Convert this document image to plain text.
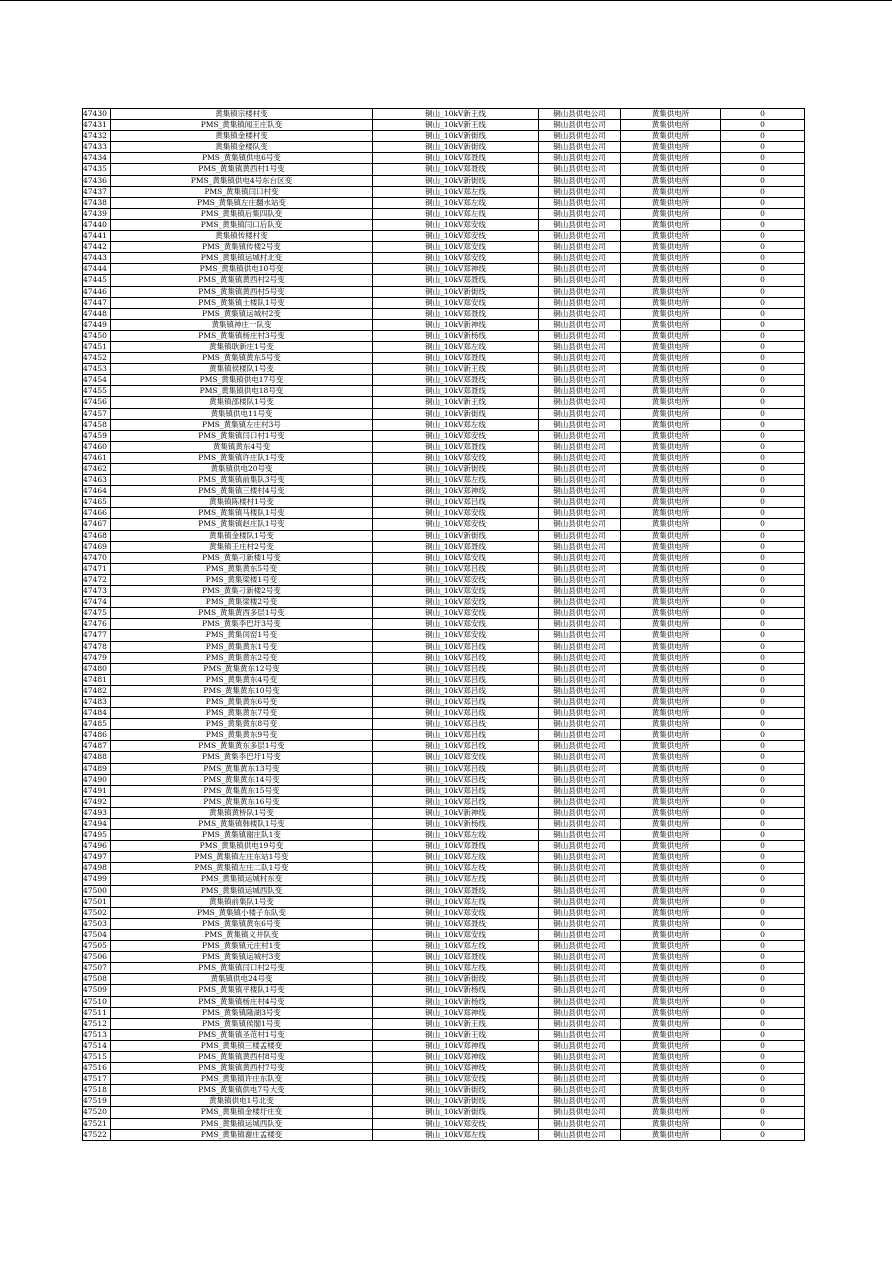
47430	黄集镇宗楼村变	铜山_10kV新王线	铜山县供电公司	黄集供电所	0
47431	PMS_黄集镇闻王庄队变	铜山_10kV新王线	铜山县供电公司	黄集供电所	0
47432	黄集镇金楼村变	铜山_10kV新街线	铜山县供电公司	黄集供电所	0
47433	黄集镇金楼队变	铜山_10kV新街线	铜山县供电公司	黄集供电所	0
47434	PMS_黄集镇供电6号变	铜山_10kV郑聂线	铜山县供电公司	黄集供电所	0
47435	PMS_黄集镇黄西村1号变	铜山_10kV郑聂线	铜山县供电公司	黄集供电所	0
47436	PMS_黄集镇供电4号东台区变	铜山_10kV新街线	铜山县供电公司	黄集供电所	0
47437	PMS_黄集镇闫口村变	铜山_10kV郑左线	铜山县供电公司	黄集供电所	0
47438	PMS_黄集镇左庄翻水站变	铜山_10kV郑左线	铜山县供电公司	黄集供电所	0
47439	PMS_黄集镇后集四队变	铜山_10kV郑左线	铜山县供电公司	黄集供电所	0
47440	PMS_黄集镇闫口后队变	铜山_10kV郑安线	铜山县供电公司	黄集供电所	0
47441	黄集镇传楼村变	铜山_10kV郑安线	铜山县供电公司	黄集供电所	0
47442	PMS_黄集镇传楼2号变	铜山_10kV郑安线	铜山县供电公司	黄集供电所	0
47443	PMS_黄集镇运城村北变	铜山_10kV郑安线	铜山县供电公司	黄集供电所	0
47444	PMS_黄集镇供电10号变	铜山_10kV郑神线	铜山县供电公司	黄集供电所	0
47445	PMS_黄集镇黄西村2号变	铜山_10kV郑聂线	铜山县供电公司	黄集供电所	0
47446	PMS_黄集镇黄西村5号变	铜山_10kV新街线	铜山县供电公司	黄集供电所	0
47447	PMS_黄集镇土楼队1号变	铜山_10kV郑安线	铜山县供电公司	黄集供电所	0
47448	PMS_黄集镇运城村2变	铜山_10kV郑聂线	铜山县供电公司	黄集供电所	0
47449	黄集镇神庄一队变	铜山_10kV新神线	铜山县供电公司	黄集供电所	0
47450	PMS_黄集镇杨庄村3号变	铜山_10kV新杨线	铜山县供电公司	黄集供电所	0
47451	黄集镇耿新庄1号变	铜山_10kV郑左线	铜山县供电公司	黄集供电所	0
47452	PMS_黄集镇黄东5号变	铜山_10kV郑聂线	铜山县供电公司	黄集供电所	0
47453	黄集镇侯楼队1号变	铜山_10kV新王线	铜山县供电公司	黄集供电所	0
47454	PMS_黄集镇供电17号变	铜山_10kV郑聂线	铜山县供电公司	黄集供电所	0
47455	PMS_黄集镇供电18号变	铜山_10kV郑聂线	铜山县供电公司	黄集供电所	0
47456	黄集镇邵楼队1号变	铜山_10kV新王线	铜山县供电公司	黄集供电所	0
47457	黄集镇供电11号变	铜山_10kV新街线	铜山县供电公司	黄集供电所	0
47458	PMS_黄集镇左庄村3号	铜山_10kV郑左线	铜山县供电公司	黄集供电所	0
47459	PMS_黄集镇闫口村1号变	铜山_10kV郑安线	铜山县供电公司	黄集供电所	0
47460	黄集镇黄东4号变	铜山_10kV郑聂线	铜山县供电公司	黄集供电所	0
47461	PMS_黄集镇许庄队1号变	铜山_10kV郑安线	铜山县供电公司	黄集供电所	0
47462	黄集镇供电20号变	铜山_10kV新街线	铜山县供电公司	黄集供电所	0
47463	PMS_黄集镇前集队3号变	铜山_10kV郑左线	铜山县供电公司	黄集供电所	0
47464	PMS_黄集镇三楼村4号变	铜山_10kV郑神线	铜山县供电公司	黄集供电所	0
47465	黄集镇陈楼村1号变	铜山_10kV郑吕线	铜山县供电公司	黄集供电所	0
47466	PMS_黄集镇马楼队1号变	铜山_10kV郑安线	铜山县供电公司	黄集供电所	0
47467	PMS_黄集镇赵庄队1号变	铜山_10kV郑安线	铜山县供电公司	黄集供电所	0
47468	黄集镇金楼队1号变	铜山_10kV新街线	铜山县供电公司	黄集供电所	0
47469	黄集镇王庄村2号变	铜山_10kV郑聂线	铜山县供电公司	黄集供电所	0
47470	PMS_黄集刁新楼1号变	铜山_10kV郑安线	铜山县供电公司	黄集供电所	0
47471	PMS_黄集黄东5号变	铜山_10kV郑吕线	铜山县供电公司	黄集供电所	0
47472	PMS_黄集梁楼1号变	铜山_10kV郑安线	铜山县供电公司	黄集供电所	0
47473	PMS_黄集刁新楼2号变	铜山_10kV郑安线	铜山县供电公司	黄集供电所	0
47474	PMS_黄集梁楼2号变	铜山_10kV郑安线	铜山县供电公司	黄集供电所	0
47475	PMS_黄集黄西多层1号变	铜山_10kV郑安线	铜山县供电公司	黄集供电所	0
47476	PMS_黄集李巴圩3号变	铜山_10kV郑安线	铜山县供电公司	黄集供电所	0
47477	PMS_黄集闰窑1号变	铜山_10kV郑安线	铜山县供电公司	黄集供电所	0
47478	PMS_黄集黄东1号变	铜山_10kV郑吕线	铜山县供电公司	黄集供电所	0
47479	PMS_黄集黄东2号变	铜山_10kV郑吕线	铜山县供电公司	黄集供电所	0
47480	PMS_黄集黄东12号变	铜山_10kV郑吕线	铜山县供电公司	黄集供电所	0
47481	PMS_黄集黄东4号变	铜山_10kV郑吕线	铜山县供电公司	黄集供电所	0
47482	PMS_黄集黄东10号变	铜山_10kV郑吕线	铜山县供电公司	黄集供电所	0
47483	PMS_黄集黄东6号变	铜山_10kV郑吕线	铜山县供电公司	黄集供电所	0
47484	PMS_黄集黄东7号变	铜山_10kV郑吕线	铜山县供电公司	黄集供电所	0
47485	PMS_黄集黄东8号变	铜山_10kV郑吕线	铜山县供电公司	黄集供电所	0
47486	PMS_黄集黄东9号变	铜山_10kV郑吕线	铜山县供电公司	黄集供电所	0
47487	PMS_黄集黄东多层1号变	铜山_10kV郑吕线	铜山县供电公司	黄集供电所	0
47488	PMS_黄集李巴圩1号变	铜山_10kV郑安线	铜山县供电公司	黄集供电所	0
47489	PMS_黄集黄东13号变	铜山_10kV郑吕线	铜山县供电公司	黄集供电所	0
47490	PMS_黄集黄东14号变	铜山_10kV郑吕线	铜山县供电公司	黄集供电所	0
47491	PMS_黄集黄东15号变	铜山_10kV郑吕线	铜山县供电公司	黄集供电所	0
47492	PMS_黄集黄东16号变	铜山_10kV郑吕线	铜山县供电公司	黄集供电所	0
47493	黄集镇黄桥队1号变	铜山_10kV新神线	铜山县供电公司	黄集供电所	0
47494	PMS_黄集镇韩楼队1号变	铜山_10kV新杨线	铜山县供电公司	黄集供电所	0
47495	PMS_黄集镇谢庄队1变	铜山_10kV郑左线	铜山县供电公司	黄集供电所	0
47496	PMS_黄集镇供电19号变	铜山_10kV郑聂线	铜山县供电公司	黄集供电所	0
47497	PMS_黄集镇左庄东站1号变	铜山_10kV郑左线	铜山县供电公司	黄集供电所	0
47498	PMS_黄集镇左庄二队1号变	铜山_10kV郑左线	铜山县供电公司	黄集供电所	0
47499	PMS_黄集镇运城村东变	铜山_10kV郑左线	铜山县供电公司	黄集供电所	0
47500	PMS_黄集镇运城西队变	铜山_10kV郑聂线	铜山县供电公司	黄集供电所	0
47501	黄集镇前集队1号变	铜山_10kV郑左线	铜山县供电公司	黄集供电所	0
47502	PMS_黄集镇小楼子东队变	铜山_10kV郑安线	铜山县供电公司	黄集供电所	0
47503	PMS_黄集镇黄东6号变	铜山_10kV郑聂线	铜山县供电公司	黄集供电所	0
47504	PMS_黄集镇义井队变	铜山_10kV郑安线	铜山县供电公司	黄集供电所	0
47505	PMS_黄集镇元庄村1变	铜山_10kV郑左线	铜山县供电公司	黄集供电所	0
47506	PMS_黄集镇运城村3变	铜山_10kV郑聂线	铜山县供电公司	黄集供电所	0
47507	PMS_黄集镇闫口村2号变	铜山_10kV郑左线	铜山县供电公司	黄集供电所	0
47508	黄集镇供电24号变	铜山_10kV新街线	铜山县供电公司	黄集供电所	0
47509	PMS_黄集镇平楼队1号变	铜山_10kV新杨线	铜山县供电公司	黄集供电所	0
47510	PMS_黄集镇杨庄村4号变	铜山_10kV新杨线	铜山县供电公司	黄集供电所	0
47511	PMS_黄集镇隆湖3号变	铜山_10kV郑神线	铜山县供电公司	黄集供电所	0
47512	PMS_黄集镇侯閣1号变	铜山_10kV新王线	铜山县供电公司	黄集供电所	0
47513	PMS_黄集镇圣范村1号变	铜山_10kV新王线	铜山县供电公司	黄集供电所	0
47514	PMS_黄集镇三楼孟楼变	铜山_10kV郑神线	铜山县供电公司	黄集供电所	0
47515	PMS_黄集镇黄西村8号变	铜山_10kV郑神线	铜山县供电公司	黄集供电所	0
47516	PMS_黄集镇黄西村7号变	铜山_10kV郑神线	铜山县供电公司	黄集供电所	0
47517	PMS_黄集镇许庄东队变	铜山_10kV郑安线	铜山县供电公司	黄集供电所	0
47518	PMS_黄集镇供电7号大变	铜山_10kV新街线	铜山县供电公司	黄集供电所	0
47519	黄集镇供电1号北变	铜山_10kV新街线	铜山县供电公司	黄集供电所	0
47520	PMS_黄集镇金楼圩庄变	铜山_10kV新街线	铜山县供电公司	黄集供电所	0
47521	PMS_黄集镇运城西队变	铜山_10kV郑安线	铜山县供电公司	黄集供电所	0
47522	PMS_黄集镇谢庄孟楼变	铜山_10kV郑左线	铜山县供电公司	黄集供电所	0
